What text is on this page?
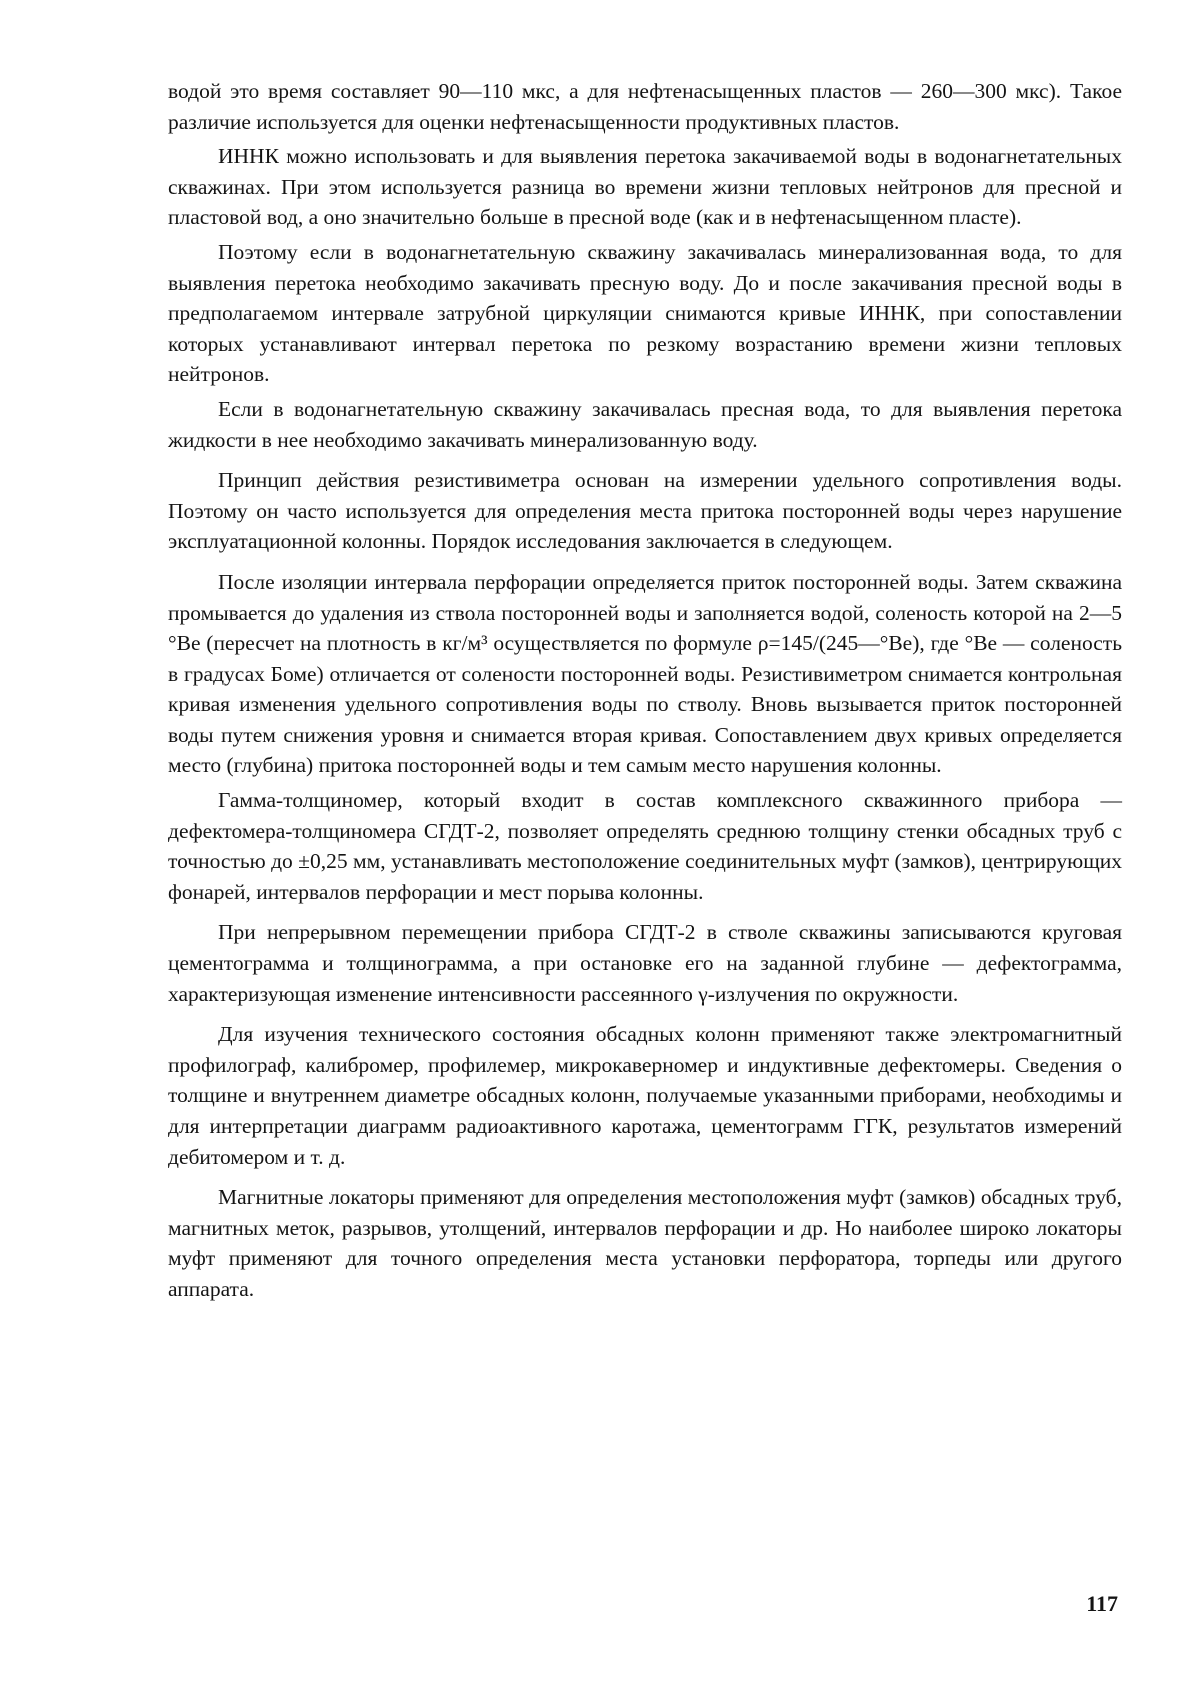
водой это время составляет 90—110 мкс, а для нефтенасыщенных пластов — 260—300 мкс). Такое различие используется для оценки нефтенасыщенности продуктивных пластов.

ИННК можно использовать и для выявления перетока закачиваемой воды в водонагнетательных скважинах. При этом используется разница во времени жизни тепловых нейтронов для пресной и пластовой вод, а оно значительно больше в пресной воде (как и в нефтенасыщенном пласте).

Поэтому если в водонагнетательную скважину закачивалась минерализованная вода, то для выявления перетока необходимо закачивать пресную воду. До и после закачивания пресной воды в предполагаемом интервале затрубной циркуляции снимаются кривые ИННК, при сопоставлении которых устанавливают интервал перетока по резкому возрастанию времени жизни тепловых нейтронов.

Если в водонагнетательную скважину закачивалась пресная вода, то для выявления перетока жидкости в нее необходимо закачивать минерализованную воду.

Принцип действия резистивиметра основан на измерении удельного сопротивления воды. Поэтому он часто используется для определения места притока посторонней воды через нарушение эксплуатационной колонны. Порядок исследования заключается в следующем.

После изоляции интервала перфорации определяется приток посторонней воды. Затем скважина промывается до удаления из ствола посторонней воды и заполняется водой, соленость которой на 2—5 °Ве (пересчет на плотность в кг/м³ осуществляется по формуле ρ=145/(245—°Ве), где °Ве — соленость в градусах Боме) отличается от солености посторонней воды. Резистивиметром снимается контрольная кривая изменения удельного сопротивления воды по стволу. Вновь вызывается приток посторонней воды путем снижения уровня и снимается вторая кривая. Сопоставлением двух кривых определяется место (глубина) притока посторонней воды и тем самым место нарушения колонны.

Гамма-толщиномер, который входит в состав комплексного скважинного прибора — дефектомера-толщиномера СГДТ-2, позволяет определять среднюю толщину стенки обсадных труб с точностью до ±0,25 мм, устанавливать местоположение соединительных муфт (замков), центрирующих фонарей, интервалов перфорации и мест порыва колонны.

При непрерывном перемещении прибора СГДТ-2 в стволе скважины записываются круговая цементограмма и толщинограмма, а при остановке его на заданной глубине — дефектограмма, характеризующая изменение интенсивности рассеянного γ-излучения по окружности.

Для изучения технического состояния обсадных колонн применяют также электромагнитный профилограф, калибромер, профилемер, микрокаверномер и индуктивные дефектомеры. Сведения о толщине и внутреннем диаметре обсадных колонн, получаемые указанными приборами, необходимы и для интерпретации диаграмм радиоактивного каротажа, цементограмм ГГК, результатов измерений дебитомером и т. д.

Магнитные локаторы применяют для определения местоположения муфт (замков) обсадных труб, магнитных меток, разрывов, утолщений, интервалов перфорации и др. Но наиболее широко локаторы муфт применяют для точного определения места установки перфоратора, торпеды или другого аппарата.

117
